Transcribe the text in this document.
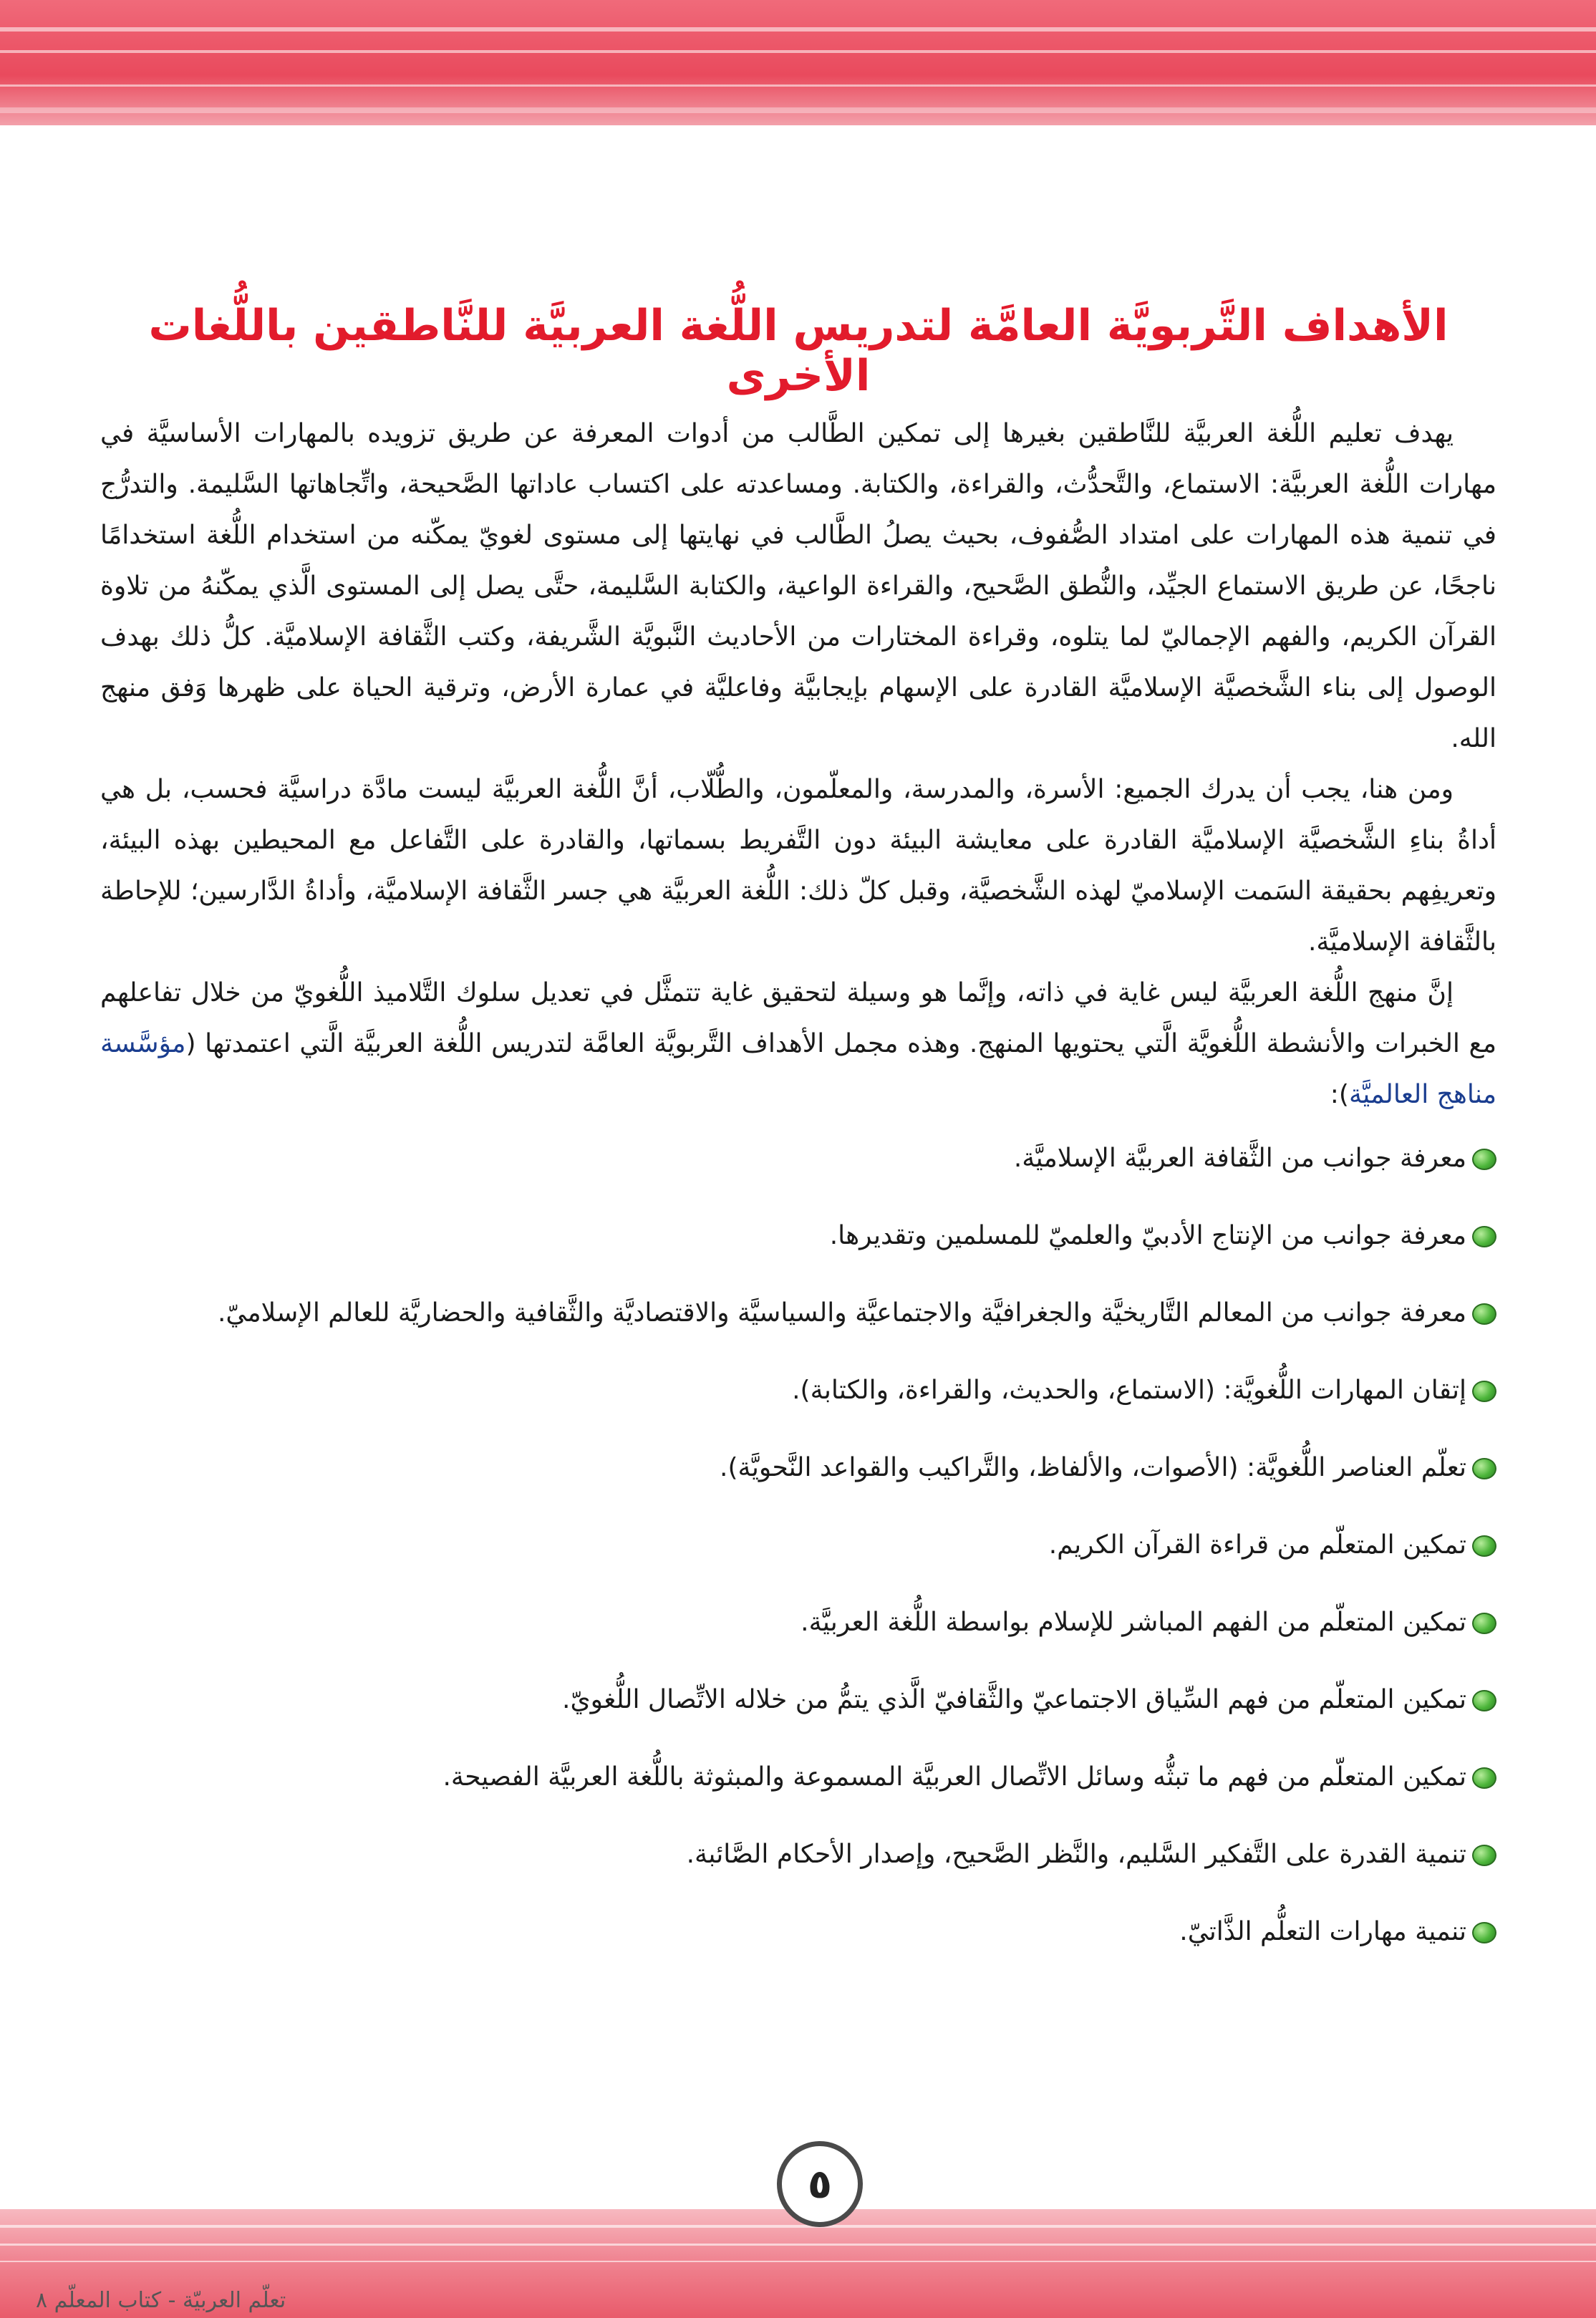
الأهداف التَّربويَّة العامَّة لتدريس اللُّغة العربيَّة للنَّاطقين باللُّغات الأخرى

يهدف تعليم اللُّغة العربيَّة للنَّاطقين بغيرها إلى تمكين الطَّالب من أدوات المعرفة عن طريق تزويده بالمهارات الأساسيَّة في مهارات اللُّغة العربيَّة: الاستماع، والتَّحدُّث، والقراءة، والكتابة. ومساعدته على اكتساب عاداتها الصَّحيحة، واتِّجاهاتها السَّليمة. والتدرُّج في تنمية هذه المهارات على امتداد الصُّفوف، بحيث يصلُ الطَّالب في نهايتها إلى مستوى لغويّ يمكّنه من استخدام اللُّغة استخدامًا ناجحًا، عن طريق الاستماع الجيِّد، والنُّطق الصَّحيح، والقراءة الواعية، والكتابة السَّليمة، حتَّى يصل إلى المستوى الَّذي يمكّنهُ من تلاوة القرآن الكريم، والفهم الإجماليّ لما يتلوه، وقراءة المختارات من الأحاديث النَّبويَّة الشَّريفة، وكتب الثَّقافة الإسلاميَّة. كلُّ ذلك بهدف الوصول إلى بناء الشَّخصيَّة الإسلاميَّة القادرة على الإسهام بإيجابيَّة وفاعليَّة في عمارة الأرض، وترقية الحياة على ظهرها وَفق منهج الله.

ومن هنا، يجب أن يدرك الجميع: الأسرة، والمدرسة، والمعلّمون، والطُّلّاب، أنَّ اللُّغة العربيَّة ليست مادَّة دراسيَّة فحسب، بل هي أداةُ بناءِ الشَّخصيَّة الإسلاميَّة القادرة على معايشة البيئة دون التَّفريط بسماتها، والقادرة على التَّفاعل مع المحيطين بهذه البيئة، وتعريفِهم بحقيقة السَمت الإسلاميّ لهذه الشَّخصيَّة، وقبل كلّ ذلك: اللُّغة العربيَّة هي جسر الثَّقافة الإسلاميَّة، وأداةُ الدَّارسين؛ للإحاطة بالثَّقافة الإسلاميَّة.

إنَّ منهج اللُّغة العربيَّة ليس غاية في ذاته، وإنَّما هو وسيلة لتحقيق غاية تتمثَّل في تعديل سلوك التَّلاميذ اللُّغويّ من خلال تفاعلهم مع الخبرات والأنشطة اللُّغويَّة الَّتي يحتويها المنهج. وهذه مجمل الأهداف التَّربويَّة العامَّة لتدريس اللُّغة العربيَّة الَّتي اعتمدتها (مؤسَّسة مناهج العالميَّة):

معرفة جوانب من الثَّقافة العربيَّة الإسلاميَّة.
معرفة جوانب من الإنتاج الأدبيّ والعلميّ للمسلمين وتقديرها.
معرفة جوانب من المعالم التَّاريخيَّة والجغرافيَّة والاجتماعيَّة والسياسيَّة والاقتصاديَّة والثَّقافية والحضاريَّة للعالم الإسلاميّ.
إتقان المهارات اللُّغويَّة: (الاستماع، والحديث، والقراءة، والكتابة).
تعلّم العناصر اللُّغويَّة: (الأصوات، والألفاظ، والتَّراكيب والقواعد النَّحويَّة).
تمكين المتعلّم من قراءة القرآن الكريم.
تمكين المتعلّم من الفهم المباشر للإسلام بواسطة اللُّغة العربيَّة.
تمكين المتعلّم من فهم السِّياق الاجتماعيّ والثَّقافيّ الَّذي يتمُّ من خلاله الاتِّصال اللُّغويّ.
تمكين المتعلّم من فهم ما تبثُّه وسائل الاتِّصال العربيَّة المسموعة والمبثوثة باللُّغة العربيَّة الفصيحة.
تنمية القدرة على التَّفكير السَّليم، والنَّظر الصَّحيح، وإصدار الأحكام الصَّائبة.
تنمية مهارات التعلُّم الذَّاتيّ.
٥
تعلّم العربيّة - كتاب المعلّم ٨
